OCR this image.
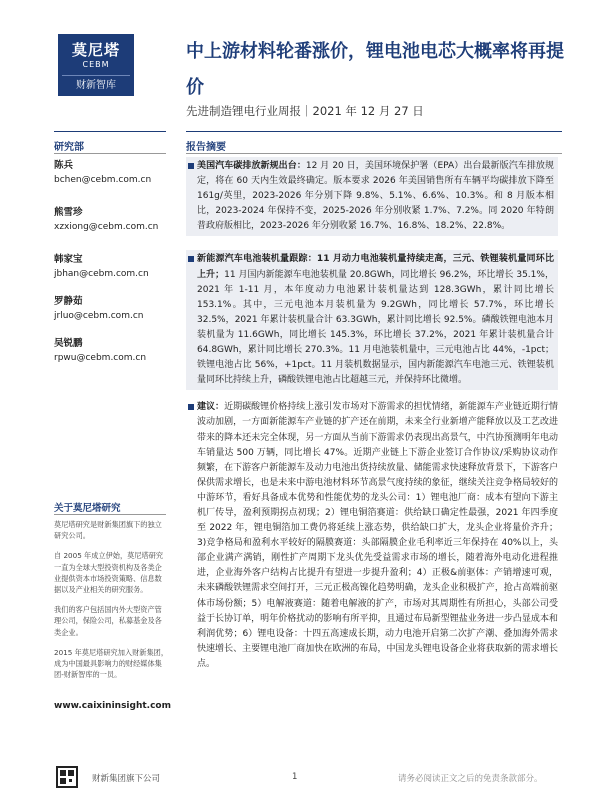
莫尼塔
CEBM
财新智库
中上游材料轮番涨价，锂电池电芯大概率将再提价
先进制造锂电行业周报｜2021 年 12 月 27 日
研究部	报告摘要
陈兵
bchen@cebm.com.cn
熊雪珍
xzxiong@cebm.com.cn
韩家宝
jbhan@cebm.com.cn
罗静茹
jrluo@cebm.com.cn
吴锐鹏
rpwu@cebm.com.cn
关于莫尼塔研究

莫尼塔研究是财新集团旗下的独立研究公司。

自 2005 年成立伊始，莫尼塔研究一直为全球大型投资机构及各类企业提供资本市场投资策略、信息数据以及产业相关的研究服务。

我们的客户包括国内外大型资产管理公司，保险公司，私募基金及各类企业。

2015 年莫尼塔研究加入财新集团，成为中国最具影响力的财经媒体集团-财新智库的一员。

www.caixininsight.com
美国汽车碳排放新规出台：12 月 20 日，美国环境保护署（EPA）出台最新版汽车排放规定，将在 60 天内生效最终确定。版本要求 2026 年美国销售所有车辆平均碳排放下降至 161g/英里，2023-2026 年分别下降 9.8%、5.1%、6.6%、10.3%。和 8 月版本相比，2023-2024 年保持不变，2025-2026 年分别收紧 1.7%、7.2%。同 2020 年特朗普政府版相比，2023-2026 年分别收紧 16.7%、16.8%、18.2%、22.8%。
新能源汽车电池装机量跟踪：11 月动力电池装机量持续走高，三元、铁锂装机量同环比上升；11 月国内新能源车电池装机量 20.8GWh，同比增长 96.2%，环比增长 35.1%，2021 年 1-11 月，本年度动力电池累计装机量达到 128.3GWh，累计同比增长 153.1%。其中，三元电池本月装机量为 9.2GWh，同比增长 57.7%，环比增长 32.5%，2021 年累计装机量合计 63.3GWh，累计同比增长 92.5%。磷酸铁锂电池本月装机量为 11.6GWh，同比增长 145.3%，环比增长 37.2%，2021 年累计装机量合计 64.8GWh，累计同比增长 270.3%。11 月电池装机量中，三元电池占比 44%，-1pct；铁锂电池占比 56%，+1pct。11 月装机数据显示，国内新能源汽车电池三元、铁锂装机量同环比持续上升，磷酸铁锂电池占比超越三元，并保持环比微增。
建议：近期碳酸锂价格持续上涨引发市场对下游需求的担忧情绪，新能源车产业链近期行情波动加剧，一方面新能源车产业链的扩产还在前期，未来全行业新增产能释放以及工艺改进带来的降本还未完全体现，另一方面从当前下游需求仍表现出高景气，中汽协预测明年电动车销量达 500 万辆，同比增长 47%。近期产业链上下游企业签订合作协议/采购协议动作频繁，在下游客户新能源车及动力电池出货持续放量、储能需求快速释放背景下，下游客户保供需求增长，也是未来中游电池材料环节高景气度持续的象征，继续关注竞争格局较好的中游环节，看好具备成本优势和性能优势的龙头公司：1）锂电池厂商：成本有望向下游主机厂传导，盈利预期拐点初现；2）锂电铜箔赛道：供给缺口确定性最强，2021 年四季度至 2022 年，锂电铜箔加工费仍将延续上涨态势，供给缺口扩大，龙头企业将量价齐升；3)竞争格局和盈利水平较好的隔膜赛道：头部隔膜企业毛利率近三年保持在 40%以上，头部企业满产满销，刚性扩产周期下龙头优先受益需求市场的增长，随着海外电动化进程推进，企业海外客户结构占比提升有望进一步提升盈利；4）正极&前驱体：产销增速可观，未来磷酸铁锂需求空间打开，三元正极高镍化趋势明确，龙头企业积极扩产，抢占高端前驱体市场份额；5）电解液赛道：随着电解液的扩产，市场对其周期性有所担心，头部公司受益于长协订单，明年价格扰动的影响有所平抑，且通过布局新型锂盐业务进一步凸显成本和利润优势；6）锂电设备：十四五高速成长期，动力电池开启第二次扩产潮、叠加海外需求快速增长、主要锂电池厂商加快在欧洲的布局，中国龙头锂电设备企业将获取新的需求增长点。
财新集团旗下公司	1	请务必阅读正文之后的免责条款部分。
